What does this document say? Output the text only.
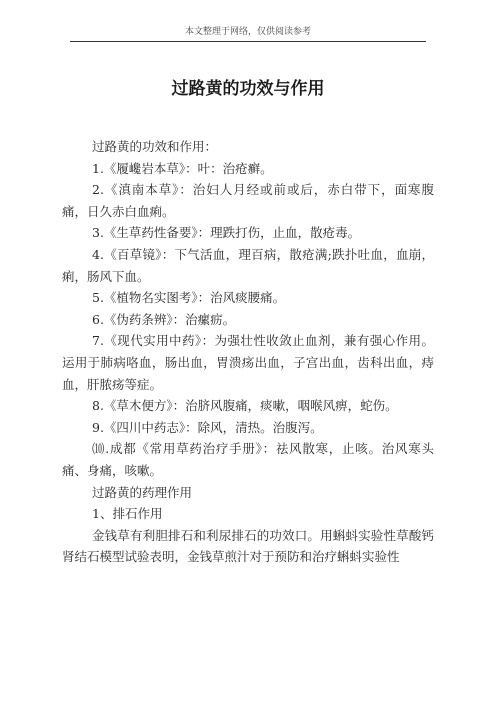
本文整理于网络，仅供阅读参考
过路黄的功效与作用

过路黄的功效和作用：

1.《履巉岩本草》：叶：治疮癣。

2.《滇南本草》：治妇人月经或前或后，赤白带下，面寒腹痛，日久赤白血痢。

3.《生草药性备要》：理跌打伤，止血，散疮毒。

4.《百草镜》：下气活血，理百病，散疮满;跌扑吐血，血崩，痢，肠风下血。

5.《植物名实图考》：治风痰腰痛。

6.《伪药条辨》：治瘰疬。

7.《现代实用中药》：为强壮性收敛止血剂，兼有强心作用。运用于肺病咯血，肠出血，胃溃疡出血，子宫出血，齿科出血，痔血，肝脓疡等症。

8.《草木便方》：治脐风腹痛，痰嗽，咽喉风痹，蛇伤。

9.《四川中药志》：除风，清热。治腹泻。

⑽.成都《常用草药治疗手册》：祛风散寒，止咳。治风寒头痛、身痛，咳嗽。

过路黄的药理作用

1、排石作用

金钱草有利胆排石和利尿排石的功效口。用蝌蚪实验性草酸钙肾结石模型试验表明，金钱草煎汁对于预防和治疗蝌蚪实验性
